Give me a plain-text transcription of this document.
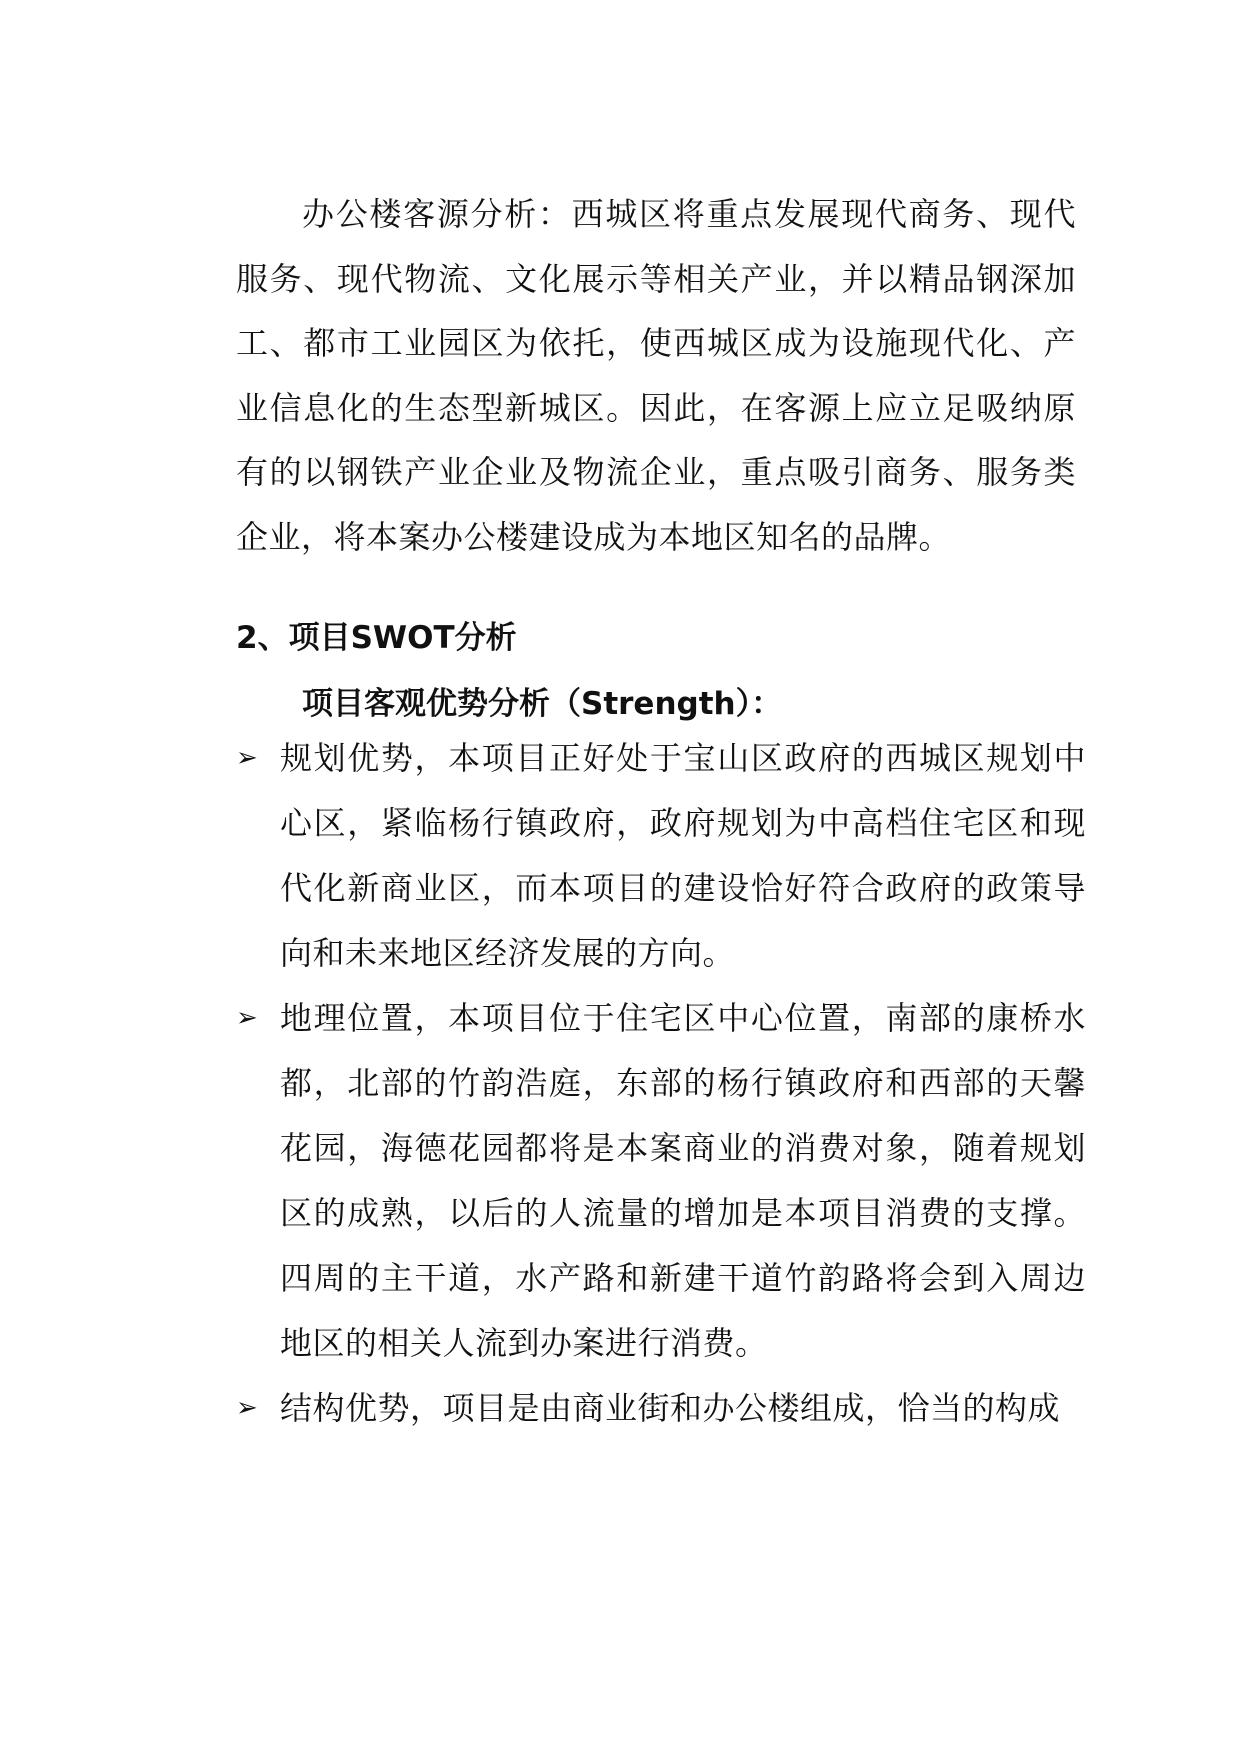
办公楼客源分析：西城区将重点发展现代商务、现代服务、现代物流、文化展示等相关产业，并以精品钢深加工、都市工业园区为依托，使西城区成为设施现代化、产业信息化的生态型新城区。因此，在客源上应立足吸纳原有的以钢铁产业企业及物流企业，重点吸引商务、服务类企业，将本案办公楼建设成为本地区知名的品牌。

2、项目SWOT分析
项目客观优势分析（Strength）：
➢ 规划优势，本项目正好处于宝山区政府的西城区规划中心区，紧临杨行镇政府，政府规划为中高档住宅区和现代化新商业区，而本项目的建设恰好符合政府的政策导向和未来地区经济发展的方向。
➢ 地理位置，本项目位于住宅区中心位置，南部的康桥水都，北部的竹韵浩庭，东部的杨行镇政府和西部的天馨花园，海德花园都将是本案商业的消费对象，随着规划区的成熟，以后的人流量的增加是本项目消费的支撑。四周的主干道，水产路和新建干道竹韵路将会到入周边地区的相关人流到办案进行消费。
➢ 结构优势，项目是由商业街和办公楼组成，恰当的构成
